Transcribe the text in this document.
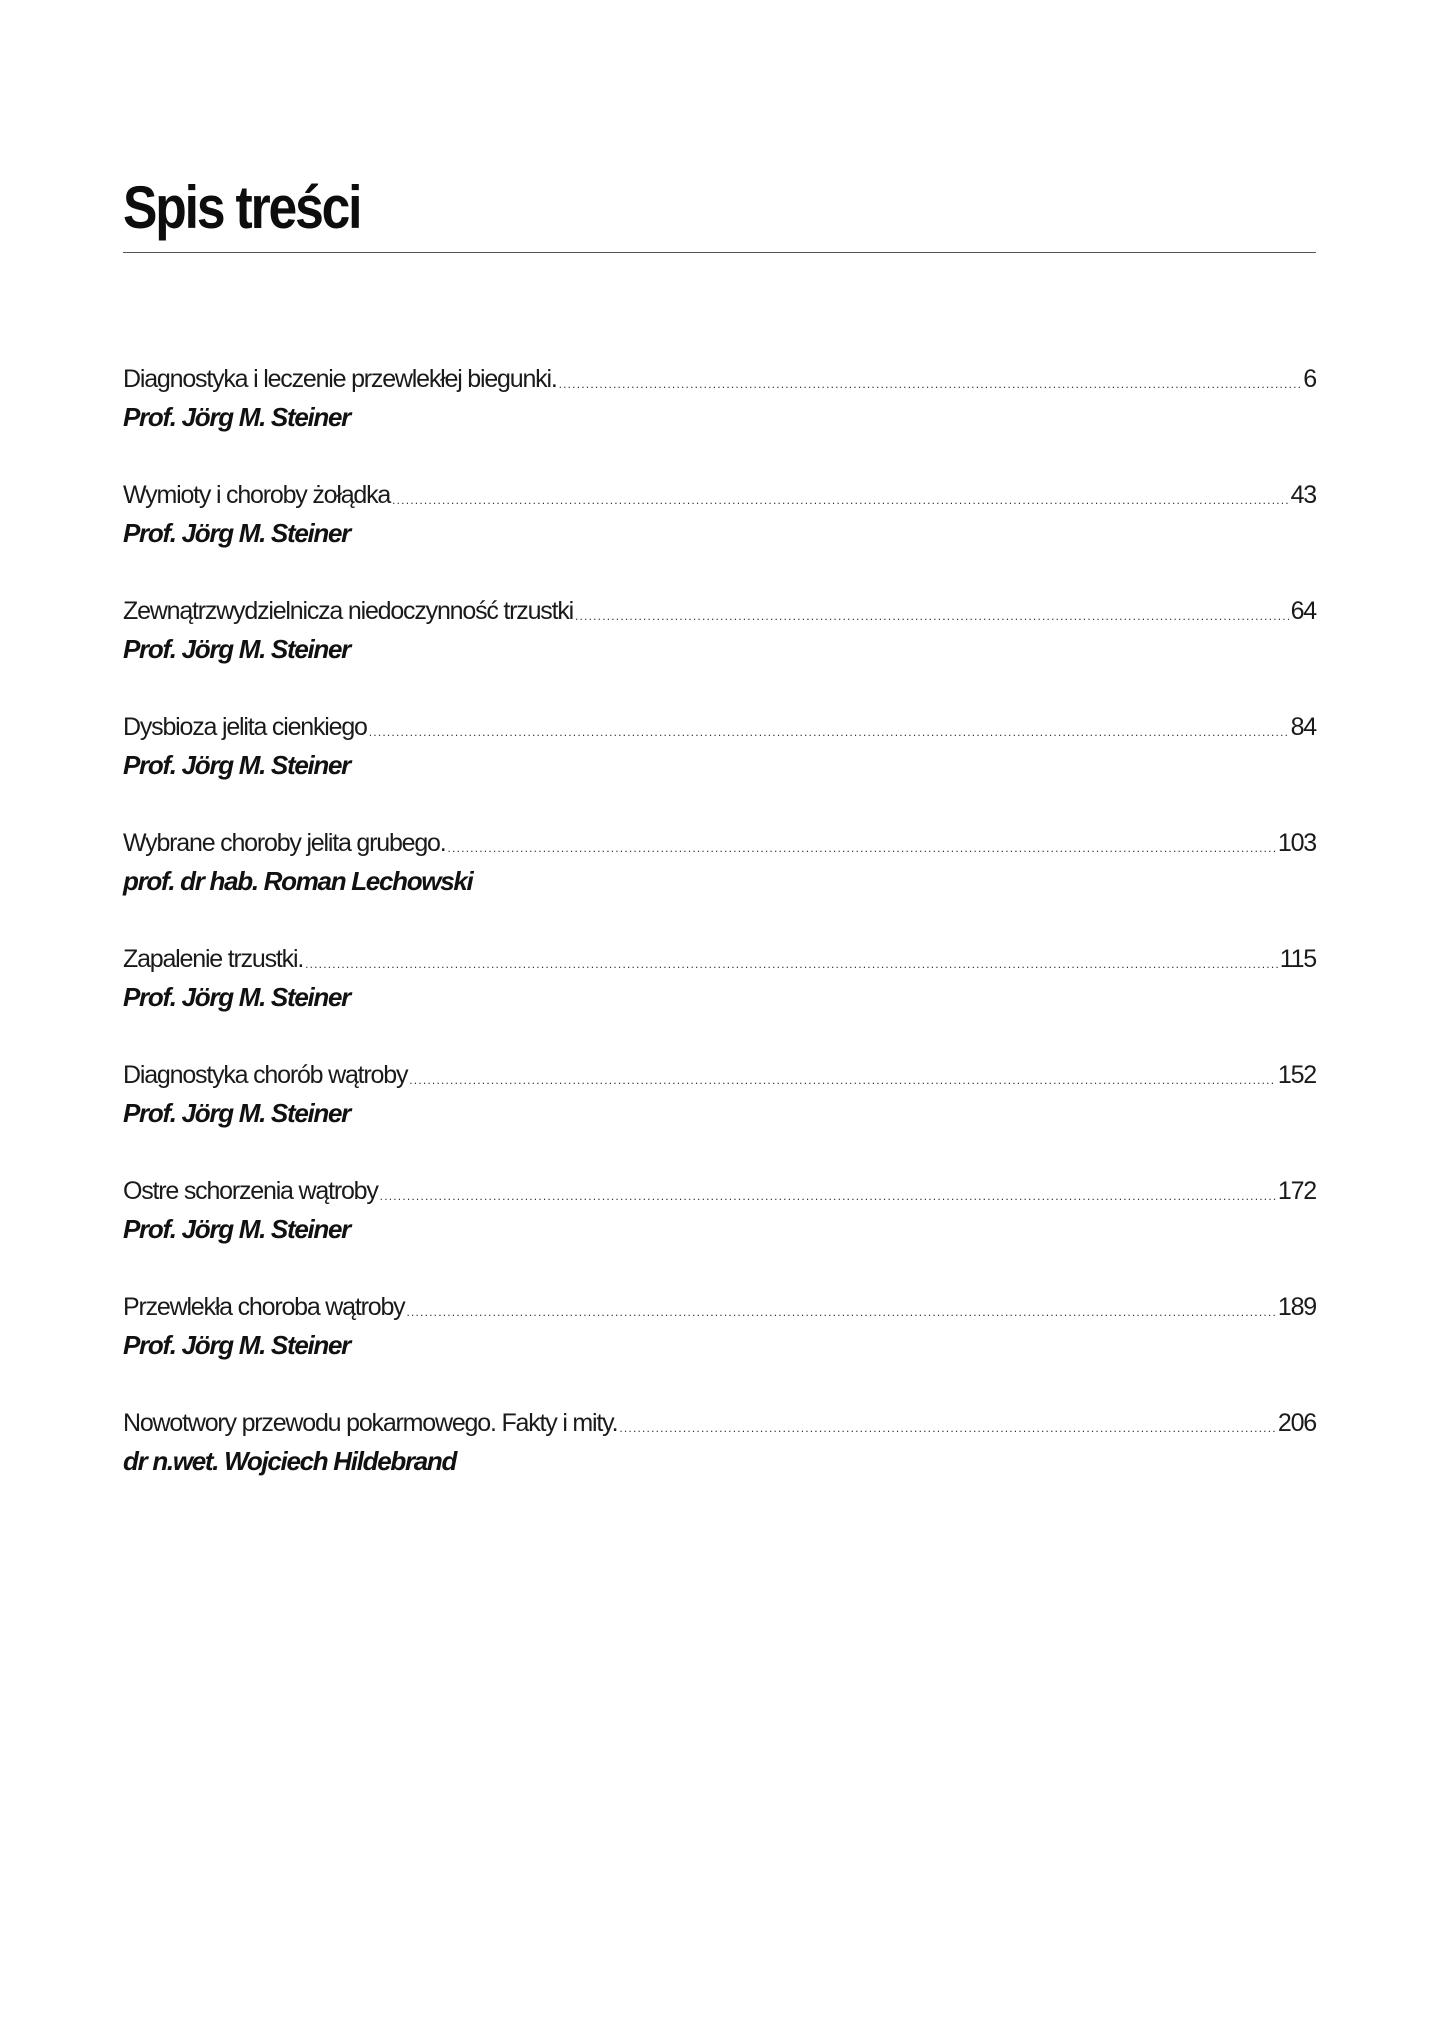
Spis treści
Diagnostyka i leczenie przewlekłej biegunki. .....	6
Prof. Jörg M. Steiner
Wymioty i choroby żołądka .....	43
Prof. Jörg M. Steiner
Zewnątrzwydzielnicza niedoczynność trzustki .....	64
Prof. Jörg M. Steiner
Dysbioza jelita cienkiego .....	84
Prof. Jörg M. Steiner
Wybrane choroby jelita grubego. .....	103
prof. dr hab. Roman Lechowski
Zapalenie trzustki. .....	115
Prof. Jörg M. Steiner
Diagnostyka chorób wątroby .....	152
Prof. Jörg M. Steiner
Ostre schorzenia wątroby .....	172
Prof. Jörg M. Steiner
Przewlekła choroba wątroby .....	189
Prof. Jörg M. Steiner
Nowotwory przewodu pokarmowego. Fakty i mity. .....	206
dr n.wet. Wojciech Hildebrand
